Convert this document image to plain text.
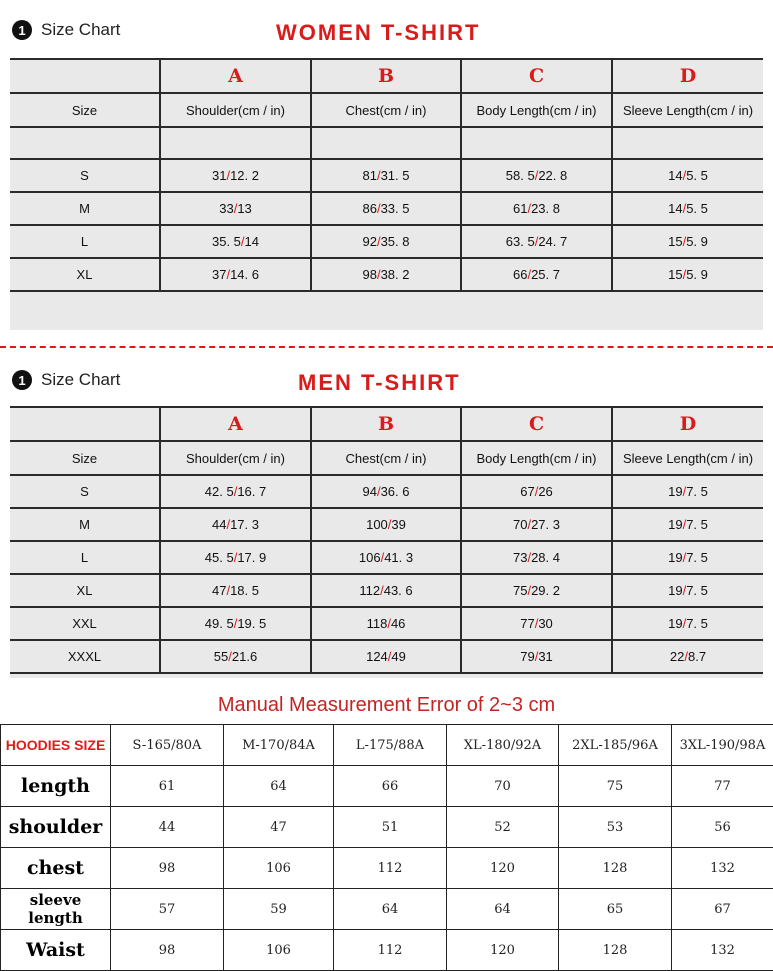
1 Size Chart	WOMEN T-SHIRT
	A	B	C	D
Size	Shoulder(cm / in)	Chest(cm / in)	Body Length(cm / in)	Sleeve Length(cm / in)

S	31/12. 2	81/31. 5	58. 5/22. 8	14/5. 5
M	33/13	86/33. 5	61/23. 8	14/5. 5
L	35. 5/14	92/35. 8	63. 5/24. 7	15/5. 9
XL	37/14. 6	98/38. 2	66/25. 7	15/5. 9
1 Size Chart	MEN T-SHIRT
	A	B	C	D
Size	Shoulder(cm / in)	Chest(cm / in)	Body Length(cm / in)	Sleeve Length(cm / in)
S	42. 5/16. 7	94/36. 6	67/26	19/7. 5
M	44/17. 3	100/39	70/27. 3	19/7. 5
L	45. 5/17. 9	106/41. 3	73/28. 4	19/7. 5
XL	47/18. 5	112/43. 6	75/29. 2	19/7. 5
XXL	49. 5/19. 5	118/46	77/30	19/7. 5
XXXL	55/21.6	124/49	79/31	22/8.7
Manual Measurement Error of 2~3 cm
HOODIES SIZE	S-165/80A	M-170/84A	L-175/88A	XL-180/92A	2XL-185/96A	3XL-190/98A
length	61	64	66	70	75	77
shoulder	44	47	51	52	53	56
chest	98	106	112	120	128	132
sleeve length	57	59	64	64	65	67
Waist	98	106	112	120	128	132
